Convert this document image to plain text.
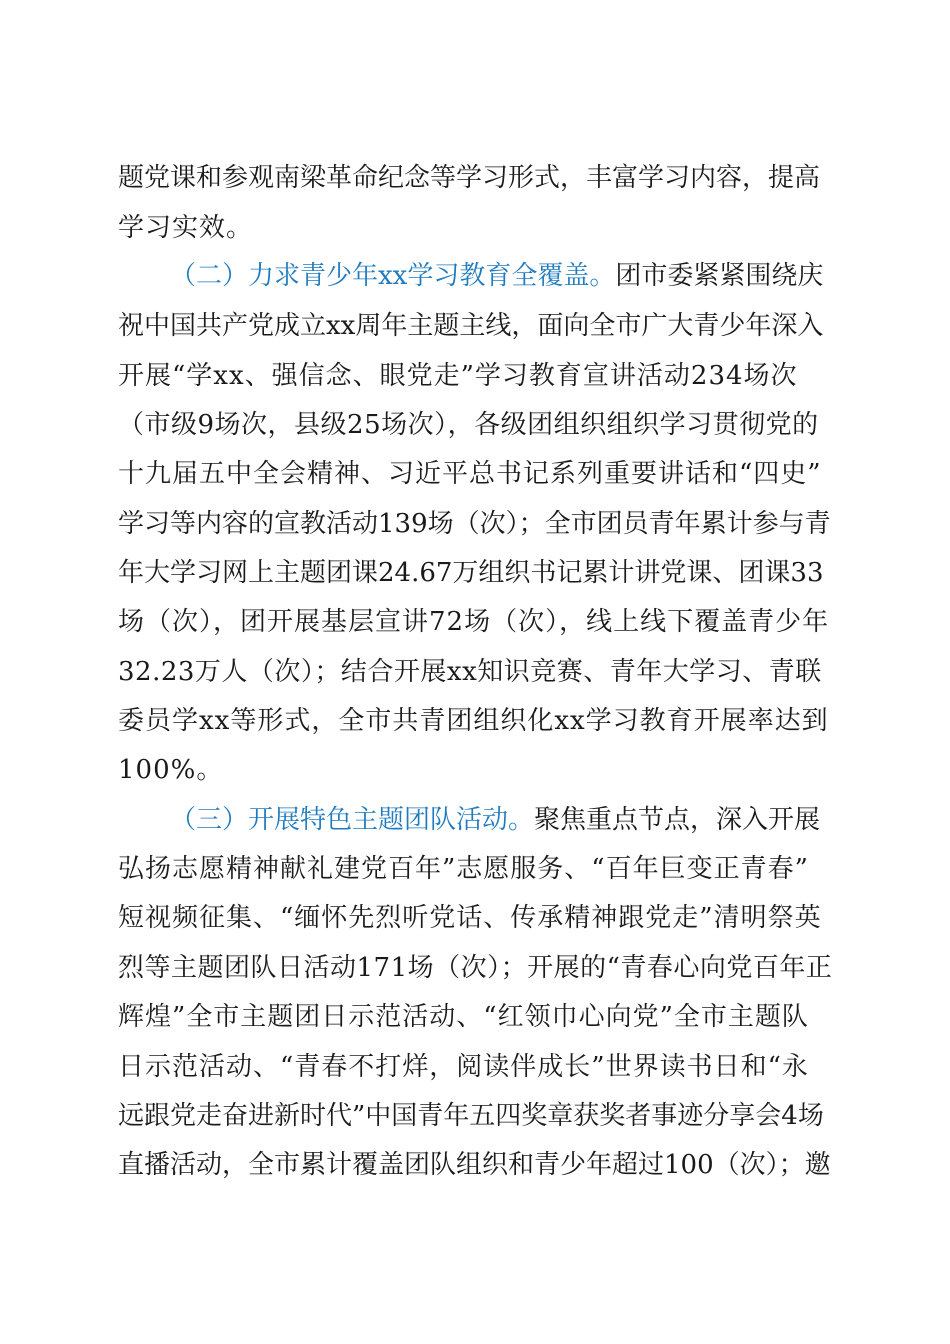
题党课和参观南梁革命纪念等学习形式，丰富学习内容，提高
学习实效。
（二）力求青少年xx学习教育全覆盖。团市委紧紧围绕庆
祝中国共产党成立xx周年主题主线，面向全市广大青少年深入
开展“学xx、强信念、眼党走”学习教育宣讲活动234场次
（市级9场次，县级25场次），各级团组织组织学习贯彻党的
十九届五中全会精神、习近平总书记系列重要讲话和“四史”
学习等内容的宣教活动139场（次）；全市团员青年累计参与青
年大学习网上主题团课24.67万组织书记累计讲党课、团课33
场（次），团开展基层宣讲72场（次），线上线下覆盖青少年
32.23万人（次）；结合开展xx知识竞赛、青年大学习、青联
委员学xx等形式，全市共青团组织化xx学习教育开展率达到
100%。
（三）开展特色主题团队活动。聚焦重点节点，深入开展
弘扬志愿精神献礼建党百年”志愿服务、“百年巨变正青春”
短视频征集、“缅怀先烈听党话、传承精神跟党走”清明祭英
烈等主题团队日活动171场（次）；开展的“青春心向党百年正
辉煌”全市主题团日示范活动、“红领巾心向党”全市主题队
日示范活动、“青春不打烊，阅读伴成长”世界读书日和“永
远跟党走奋进新时代”中国青年五四奖章获奖者事迹分享会4场
直播活动，全市累计覆盖团队组织和青少年超过100（次）；邀
